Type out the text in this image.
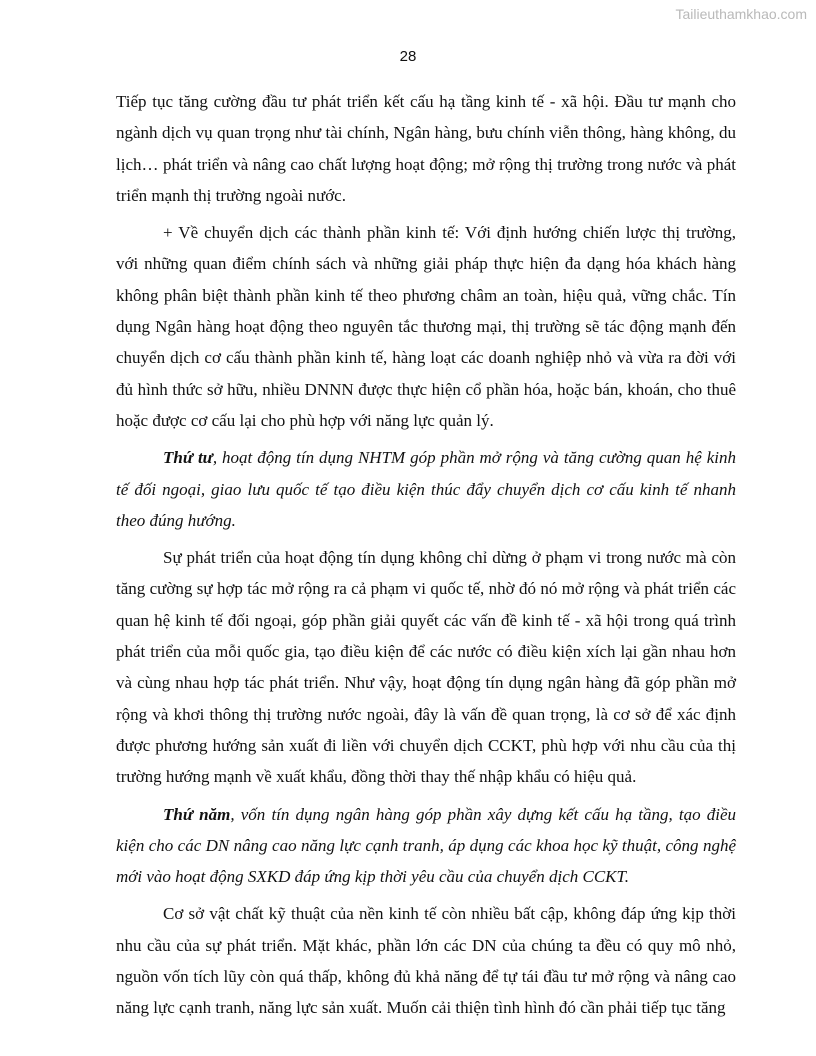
Tailieuthamkhao.com
28

Tiếp tục tăng cường đầu tư phát triển kết cấu hạ tầng kinh tế - xã hội. Đầu tư mạnh cho ngành dịch vụ quan trọng như tài chính, Ngân hàng, bưu chính viễn thông, hàng không, du lịch… phát triển và nâng cao chất lượng hoạt động; mở rộng thị trường trong nước và phát triển mạnh thị trường ngoài nước.

+ Về chuyển dịch các thành phần kinh tế: Với định hướng chiến lược thị trường, với những quan điểm chính sách và những giải pháp thực hiện đa dạng hóa khách hàng không phân biệt thành phần kinh tế theo phương châm an toàn, hiệu quả, vững chắc. Tín dụng Ngân hàng hoạt động theo nguyên tắc thương mại, thị trường sẽ tác động mạnh đến chuyển dịch cơ cấu thành phần kinh tế, hàng loạt các doanh nghiệp nhỏ và vừa ra đời với đủ hình thức sở hữu, nhiều DNNN được thực hiện cổ phần hóa, hoặc bán, khoán, cho thuê hoặc được cơ cấu lại cho phù hợp với năng lực quản lý.

Thứ tư, hoạt động tín dụng NHTM góp phần mở rộng và tăng cường quan hệ kinh tế đối ngoại, giao lưu quốc tế tạo điều kiện thúc đẩy chuyển dịch cơ cấu kinh tế nhanh theo đúng hướng.

Sự phát triển của hoạt động tín dụng không chỉ dừng ở phạm vi trong nước mà còn tăng cường sự hợp tác mở rộng ra cả phạm vi quốc tế, nhờ đó nó mở rộng và phát triển các quan hệ kinh tế đối ngoại, góp phần giải quyết các vấn đề kinh tế - xã hội trong quá trình phát triển của mỗi quốc gia, tạo điều kiện để các nước có điều kiện xích lại gần nhau hơn và cùng nhau hợp tác phát triển. Như vậy, hoạt động tín dụng ngân hàng đã góp phần mở rộng và khơi thông thị trường nước ngoài, đây là vấn đề quan trọng, là cơ sở để xác định được phương hướng sản xuất đi liền với chuyển dịch CCKT, phù hợp với nhu cầu của thị trường hướng mạnh về xuất khẩu, đồng thời thay thế nhập khẩu có hiệu quả.

Thứ năm, vốn tín dụng ngân hàng góp phần xây dựng kết cấu hạ tầng, tạo điều kiện cho các DN nâng cao năng lực cạnh tranh, áp dụng các khoa học kỹ thuật, công nghệ mới vào hoạt động SXKD đáp ứng kịp thời yêu cầu của chuyển dịch CCKT.

Cơ sở vật chất kỹ thuật của nền kinh tế còn nhiều bất cập, không đáp ứng kịp thời nhu cầu của sự phát triển. Mặt khác, phần lớn các DN của chúng ta đều có quy mô nhỏ, nguồn vốn tích lũy còn quá thấp, không đủ khả năng để tự tái đầu tư mở rộng và nâng cao năng lực cạnh tranh, năng lực sản xuất. Muốn cải thiện tình hình đó cần phải tiếp tục tăng
